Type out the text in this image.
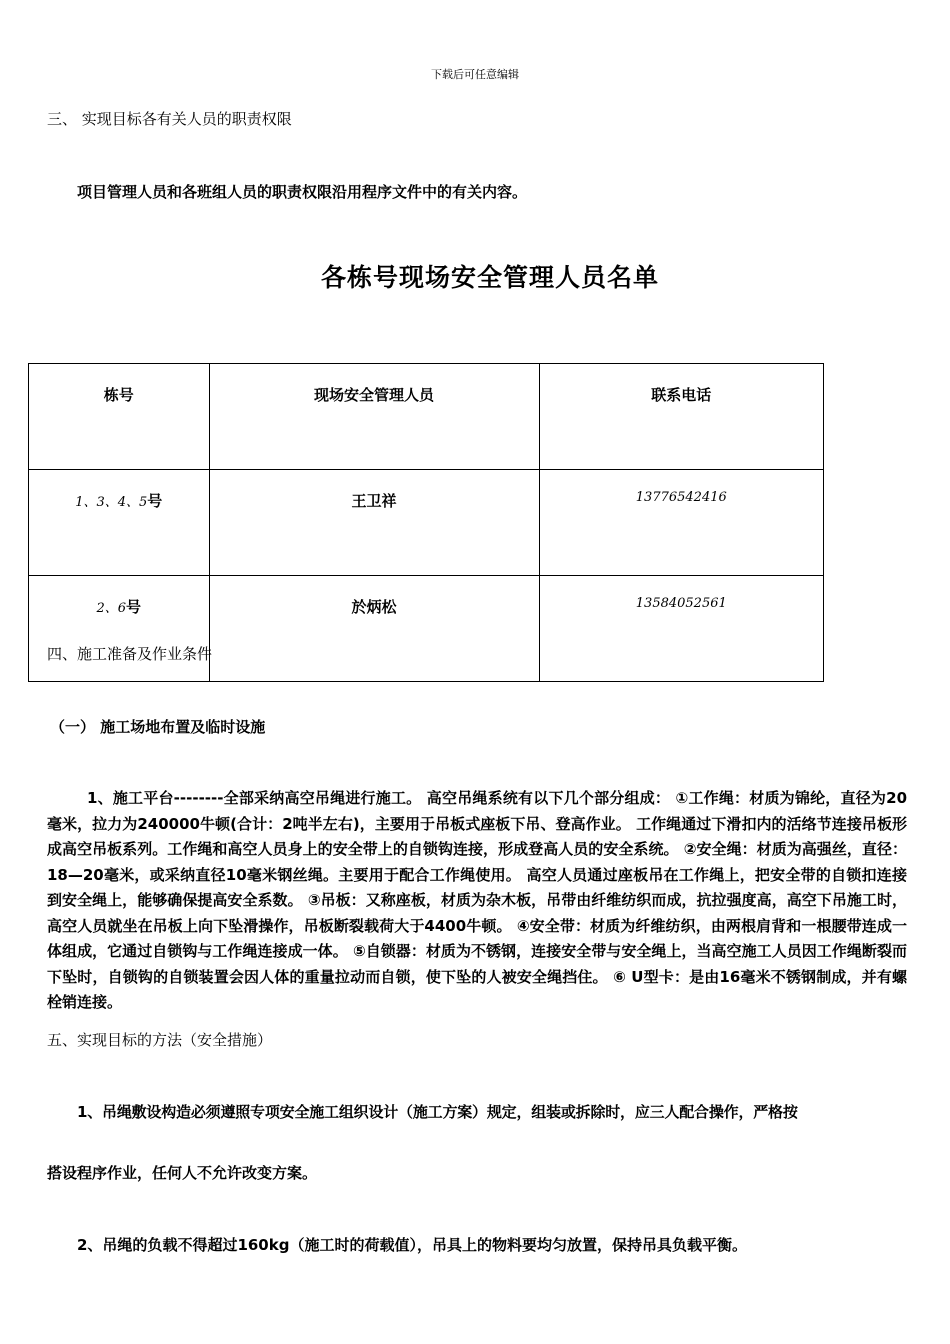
下载后可任意编辑
三、 实现目标各有关人员的职责权限
项目管理人员和各班组人员的职责权限沿用程序文件中的有关内容。
各栋号现场安全管理人员名单
栋号	现场安全管理人员	联系电话
1、3、4、5号	王卫祥	13776542416
2、6号	於炳松	13584052561
四、施工准备及作业条件
（一） 施工场地布置及临时设施
1、施工平台--------全部采纳高空吊绳进行施工。 高空吊绳系统有以下几个部分组成： ①工作绳：材质为锦纶，直径为20毫米，拉力为240000牛顿(合计：2吨半左右)，主要用于吊板式座板下吊、登高作业。 工作绳通过下滑扣内的活络节连接吊板形成高空吊板系列。工作绳和高空人员身上的安全带上的自锁钩连接，形成登高人员的安全系统。 ②安全绳：材质为高强丝，直径：18—20毫米，或采纳直径10毫米钢丝绳。主要用于配合工作绳使用。 高空人员通过座板吊在工作绳上，把安全带的自锁扣连接到安全绳上，能够确保提高安全系数。 ③吊板：又称座板，材质为杂木板，吊带由纤维纺织而成，抗拉强度高，高空下吊施工时，高空人员就坐在吊板上向下坠滑操作，吊板断裂载荷大于4400牛顿。 ④安全带：材质为纤维纺织，由两根肩背和一根腰带连成一体组成，它通过自锁钩与工作绳连接成一体。 ⑤自锁器：材质为不锈钢，连接安全带与安全绳上，当高空施工人员因工作绳断裂而下坠时，自锁钩的自锁装置会因人体的重量拉动而自锁，使下坠的人被安全绳挡住。 ⑥ U型卡：是由16毫米不锈钢制成，并有螺栓销连接。
五、实现目标的方法（安全措施）
1、吊绳敷设构造必须遵照专项安全施工组织设计（施工方案）规定，组装或拆除时，应三人配合操作，严格按
搭设程序作业，任何人不允许改变方案。
2、吊绳的负载不得超过160kg（施工时的荷载值），吊具上的物料要均匀放置，保持吊具负载平衡。
